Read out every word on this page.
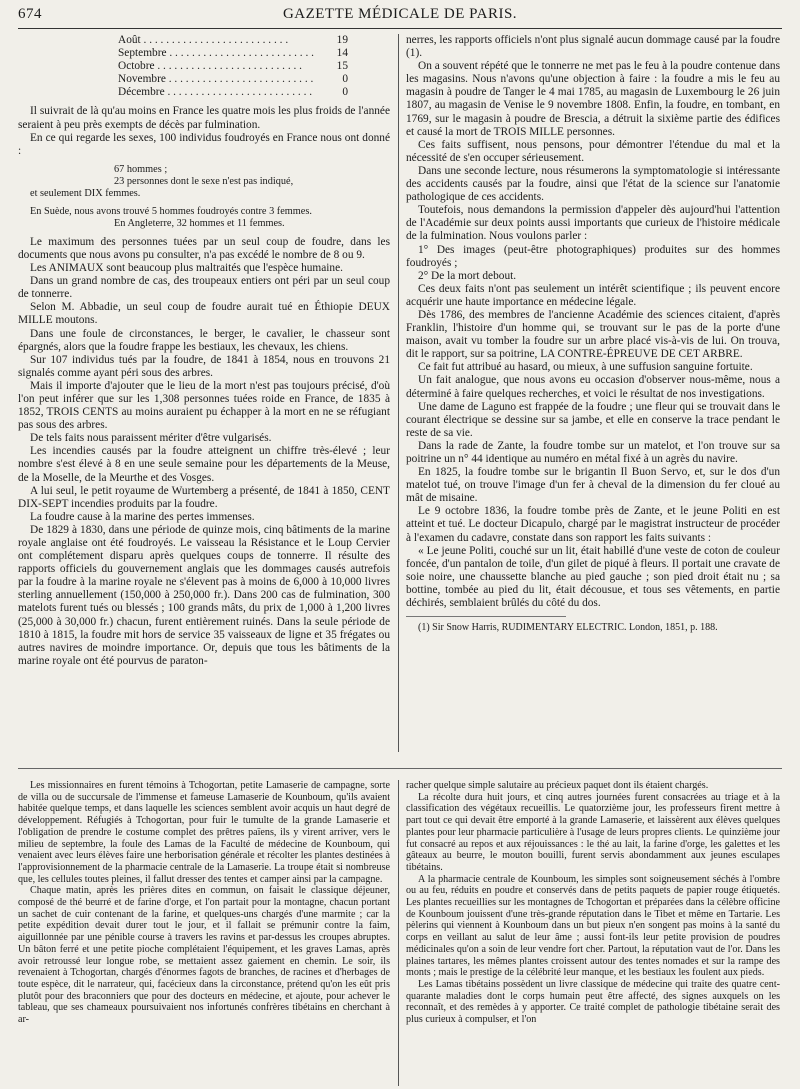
674	GAZETTE MÉDICALE DE PARIS.
Août . . .	19
Septembre . . .	14
Octobre . . .	15
Novembre . . .	0
Décembre . . .	0

Il suivrait de là qu'au moins en France les quatre mois les plus froids de l'année seraient à peu près exempts de décès par fulmination.

En ce qui regarde les sexes, 100 individus foudroyés en France nous ont donné :

67 hommes ;

23 personnes dont le sexe n'est pas indiqué,

et seulement DIX femmes.

En Suède, nous avons trouvé 5 hommes foudroyés contre 3 femmes.

En Angleterre, 32 hommes et 11 femmes.

Le maximum des personnes tuées par un seul coup de foudre, dans les documents que nous avons pu consulter, n'a pas excédé le nombre de 8 ou 9.

Les ANIMAUX sont beaucoup plus maltraités que l'espèce humaine.

Dans un grand nombre de cas, des troupeaux entiers ont péri par un seul coup de tonnerre.

Selon M. Abbadie, un seul coup de foudre aurait tué en Éthiopie DEUX MILLE moutons.

Dans une foule de circonstances, le berger, le cavalier, le chasseur sont épargnés, alors que la foudre frappe les bestiaux, les chevaux, les chiens.

Sur 107 individus tués par la foudre, de 1841 à 1854, nous en trouvons 21 signalés comme ayant péri sous des arbres.

Mais il importe d'ajouter que le lieu de la mort n'est pas toujours précisé, d'où l'on peut inférer que sur les 1,308 personnes tuées roide en France, de 1835 à 1852, TROIS CENTS au moins auraient pu échapper à la mort en ne se réfugiant pas sous des arbres.

De tels faits nous paraissent mériter d'être vulgarisés.

Les incendies causés par la foudre atteignent un chiffre très-élevé ; leur nombre s'est élevé à 8 en une seule semaine pour les départements de la Meuse, de la Moselle, de la Meurthe et des Vosges.

A lui seul, le petit royaume de Wurtemberg a présenté, de 1841 à 1850, CENT DIX-SEPT incendies produits par la foudre.

La foudre cause à la marine des pertes immenses.

De 1829 à 1830, dans une période de quinze mois, cinq bâtiments de la marine royale anglaise ont été foudroyés. Le vaisseau la Résistance et le Loup Cervier ont complétement disparu après quelques coups de tonnerre. Il résulte des rapports officiels du gouvernement anglais que les dommages causés autrefois par la foudre à la marine royale ne s'élevent pas à moins de 6,000 à 10,000 livres sterling annuellement (150,000 à 250,000 fr.). Dans 200 cas de fulmination, 300 matelots furent tués ou blessés ; 100 grands mâts, du prix de 1,000 à 1,200 livres (25,000 à 30,000 fr.) chacun, furent entièrement ruinés. Dans la seule période de 1810 à 1815, la foudre mit hors de service 35 vaisseaux de ligne et 35 frégates ou autres navires de moindre importance. Or, depuis que tous les bâtiments de la marine royale ont été pourvus de paraton-

nerres, les rapports officiels n'ont plus signalé aucun dommage causé par la foudre (1).

On a souvent répété que le tonnerre ne met pas le feu à la poudre contenue dans les magasins. Nous n'avons qu'une objection à faire : la foudre a mis le feu au magasin à poudre de Tanger le 4 mai 1785, au magasin de Luxembourg le 26 juin 1807, au magasin de Venise le 9 novembre 1808. Enfin, la foudre, en tombant, en 1769, sur le magasin à poudre de Brescia, a détruit la sixième partie des édifices et causé la mort de TROIS MILLE personnes.

Ces faits suffisent, nous pensons, pour démontrer l'étendue du mal et la nécessité de s'en occuper sérieusement.

Dans une seconde lecture, nous résumerons la symptomatologie si intéressante des accidents causés par la foudre, ainsi que l'état de la science sur l'anatomie pathologique de ces accidents.

Toutefois, nous demandons la permission d'appeler dès aujourd'hui l'attention de l'Académie sur deux points aussi importants que curieux de l'histoire médicale de la fulmination. Nous voulons parler :

1° Des images (peut-être photographiques) produites sur des hommes foudroyés ;

2° De la mort debout.

Ces deux faits n'ont pas seulement un intérêt scientifique ; ils peuvent encore acquérir une haute importance en médecine légale.

Dès 1786, des membres de l'ancienne Académie des sciences citaient, d'après Franklin, l'histoire d'un homme qui, se trouvant sur le pas de la porte d'une maison, avait vu tomber la foudre sur un arbre placé vis-à-vis de lui. On trouva, dit le rapport, sur sa poitrine, LA CONTRE-ÉPREUVE DE CET ARBRE.

Ce fait fut attribué au hasard, ou mieux, à une suffusion sanguine fortuite.

Un fait analogue, que nous avons eu occasion d'observer nous-même, nous a déterminé à faire quelques recherches, et voici le résultat de nos investigations.

Une dame de Laguno est frappée de la foudre ; une fleur qui se trouvait dans le courant électrique se dessine sur sa jambe, et elle en conserve la trace pendant le reste de sa vie.

Dans la rade de Zante, la foudre tombe sur un matelot, et l'on trouve sur sa poitrine un n° 44 identique au numéro en métal fixé à un agrès du navire.

En 1825, la foudre tombe sur le brigantin Il Buon Servo, et, sur le dos d'un matelot tué, on trouve l'image d'un fer à cheval de la dimension du fer cloué au mât de misaine.

Le 9 octobre 1836, la foudre tombe près de Zante, et le jeune Politi en est atteint et tué. Le docteur Dicapulo, chargé par le magistrat instructeur de procéder à l'examen du cadavre, constate dans son rapport les faits suivants :

« Le jeune Politi, couché sur un lit, était habillé d'une veste de coton de couleur foncée, d'un pantalon de toile, d'un gilet de piqué à fleurs. Il portait une cravate de soie noire, une chaussette blanche au pied gauche ; son pied droit était nu ; sa bottine, tombée au pied du lit, était décousue, et tous ses vêtements, en partie déchirés, semblaient brûlés du côté du dos.

(1) Sir Snow Harris, RUDIMENTARY ELECTRIC. London, 1851, p. 188.

Les missionnaires en furent témoins à Tchogortan, petite Lamaserie de campagne, sorte de villa ou de succursale de l'immense et fameuse Lamaserie de Kounboum, qu'ils avaient habitée quelque temps, et dans laquelle les sciences semblent avoir acquis un haut degré de développement. Réfugiés à Tchogortan, pour fuir le tumulte de la grande Lamaserie et l'obligation de prendre le costume complet des prêtres païens, ils y virent arriver, vers le milieu de septembre, la foule des Lamas de la Faculté de médecine de Kounboum, qui venaient avec leurs élèves faire une herborisation générale et récolter les plantes destinées à l'approvisionnement de la pharmacie centrale de la Lamaserie. La troupe était si nombreuse que, les cellules toutes pleines, il fallut dresser des tentes et camper ainsi par la campagne.

Chaque matin, après les prières dites en commun, on faisait le classique déjeuner, composé de thé beurré et de farine d'orge, et l'on partait pour la montagne, chacun portant un sachet de cuir contenant de la farine, et quelques-uns chargés d'une marmite ; car la petite expédition devait durer tout le jour, et il fallait se prémunir contre la faim, aiguillonnée par une pénible course à travers les ravins et par-dessus les croupes abruptes. Un bâton ferré et une petite pioche complétaient l'équipement, et les graves Lamas, après avoir retroussé leur longue robe, se mettaient assez gaiement en chemin. Le soir, ils revenaient à Tchogortan, chargés d'énormes fagots de branches, de racines et d'herbages de toute espèce, dit le narrateur, qui, facécieux dans la circonstance, prétend qu'on les eût pris plutôt pour des braconniers que pour des docteurs en médecine, et ajoute, pour achever le tableau, que ses chameaux poursuivaient nos infortunés confrères tibétains en cherchant à ar-

racher quelque simple salutaire au précieux paquet dont ils étaient chargés.

La récolte dura huit jours, et cinq autres journées furent consacrées au triage et à la classification des végétaux recueillis. Le quatorzième jour, les professeurs firent mettre à part tout ce qui devait être emporté à la grande Lamaserie, et laissèrent aux élèves quelques plantes pour leur pharmacie particulière à l'usage de leurs propres clients. Le quinzième jour fut consacré au repos et aux réjouissances : le thé au lait, la farine d'orge, les galettes et les gâteaux au beurre, le mouton bouilli, furent servis abondamment aux jeunes esculapes tibétains.

A la pharmacie centrale de Kounboum, les simples sont soigneusement séchés à l'ombre ou au feu, réduits en poudre et conservés dans de petits paquets de papier rouge étiquetés. Les plantes recueillies sur les montagnes de Tchogortan et préparées dans la célèbre officine de Kounboum jouissent d'une très-grande réputation dans le Tibet et même en Tartarie. Les pèlerins qui viennent à Kounboum dans un but pieux n'en songent pas moins à la santé du corps en veillant au salut de leur âme ; aussi font-ils leur petite provision de poudres médicinales qu'on a soin de leur vendre fort cher. Partout, la réputation vaut de l'or. Dans les plaines tartares, les mêmes plantes croissent autour des tentes nomades et sur la rampe des monts ; mais le prestige de la célébrité leur manque, et les bestiaux les foulent aux pieds.

Les Lamas tibétains possèdent un livre classique de médecine qui traite des quatre cent-quarante maladies dont le corps humain peut être affecté, des signes auxquels on les reconnaît, et des remèdes à y apporter. Ce traité complet de pathologie tibétaine serait des plus curieux à compulser, et l'on
